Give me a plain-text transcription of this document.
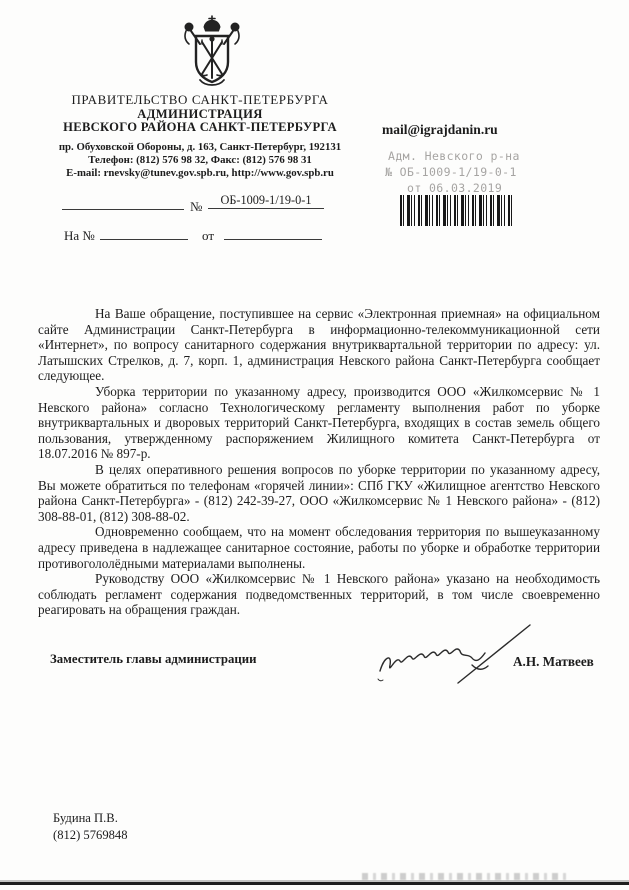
ПРАВИТЕЛЬСТВО САНКТ-ПЕТЕРБУРГА
АДМИНИСТРАЦИЯ
НЕВСКОГО РАЙОНА САНКТ-ПЕТЕРБУРГА
пр. Обуховской Обороны, д. 163, Санкт-Петербург, 192131
Телефон: (812) 576 98 32, Факс: (812) 576 98 31
E-mail: rnevsky@tunev.gov.spb.ru, http://www.gov.spb.ru
mail@igrajdanin.ru
Адм. Невского р-на
№ ОБ-1009-1/19-0-1
от 06.03.2019
№	ОБ-1009-1/19-0-1
На №	от

На Ваше обращение, поступившее на сервис «Электронная приемная» на официальном сайте Администрации Санкт-Петербурга в информационно-телекоммуникационной сети «Интернет», по вопросу санитарного содержания внутриквартальной территории по адресу: ул. Латышских Стрелков, д. 7, корп. 1, администрация Невского района Санкт-Петербурга сообщает следующее.

Уборка территории по указанному адресу, производится ООО «Жилкомсервис № 1 Невского района» согласно Технологическому регламенту выполнения работ по уборке внутриквартальных и дворовых территорий Санкт-Петербурга, входящих в состав земель общего пользования, утвержденному распоряжением Жилищного комитета Санкт-Петербурга от 18.07.2016 № 897-р.

В целях оперативного решения вопросов по уборке территории по указанному адресу, Вы можете обратиться по телефонам «горячей линии»: СПб ГКУ «Жилищное агентство Невского района Санкт-Петербурга» - (812) 242-39-27, ООО «Жилкомсервис № 1 Невского района» - (812) 308-88-01, (812) 308-88-02.

Одновременно сообщаем, что на момент обследования территория по вышеуказанному адресу приведена в надлежащее санитарное состояние, работы по уборке и обработке территории противогололёдными материалами выполнены.

Руководству ООО «Жилкомсервис № 1 Невского района» указано на необходимость соблюдать регламент содержания подведомственных территорий, в том числе своевременно реагировать на обращения граждан.

Заместитель главы администрации	А.Н. Матвеев
Будина П.В.
(812) 5769848
